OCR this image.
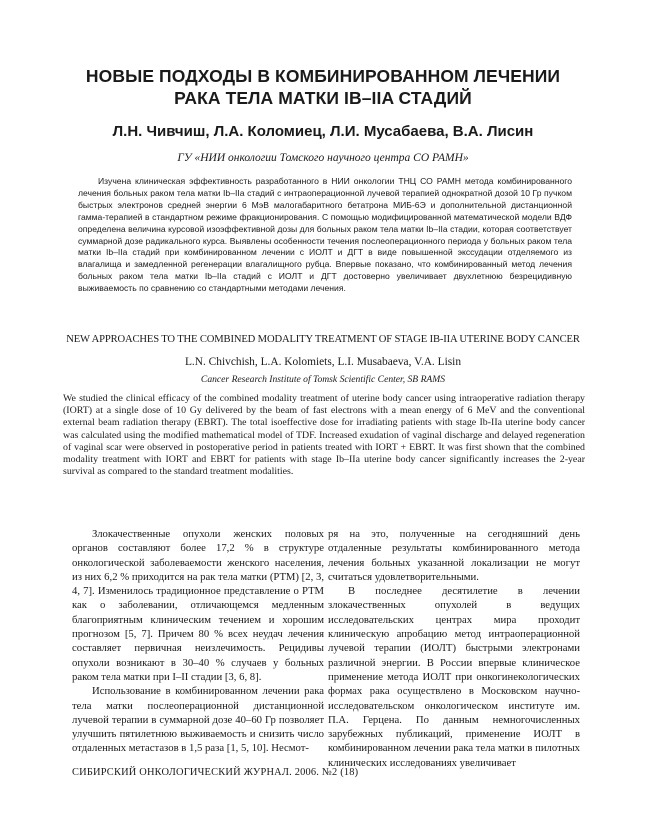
НОВЫЕ ПОДХОДЫ В КОМБИНИРОВАННОМ ЛЕЧЕНИИ РАКА ТЕЛА МАТКИ IB–IIA СТАДИЙ
Л.Н. Чивчиш, Л.А. Коломиец, Л.И. Мусабаева, В.А. Лисин
ГУ «НИИ онкологии Томского научного центра СО РАМН»

Изучена клиническая эффективность разработанного в НИИ онкологии ТНЦ СО РАМН метода комбинированного лечения больных раком тела матки Ib–IIa стадий с интраоперационной лучевой терапией однократной дозой 10 Гр пучком быстрых электронов средней энергии 6 МэВ малогабаритного бетатрона МИБ-6Э и дополнительной дистанционной гамма-терапией в стандартном режиме фракционирования. С помощью модифицированной математической модели ВДФ определена величина курсовой изоэффективной дозы для больных раком тела матки Ib–IIa стадии, которая соответствует суммарной дозе радикального курса. Выявлены особенности течения послеоперационного периода у больных раком тела матки Ib–IIa стадий при комбинированном лечении с ИОЛТ и ДГТ в виде повышенной экссудации отделяемого из влагалища и замедленной регенерации влагалищного рубца. Впервые показано, что комбинированный метод лечения больных раком тела матки Ib–IIa стадий с ИОЛТ и ДГТ достоверно увеличивает двухлетнюю безрецидивную выживаемость по сравнению со стандартными методами лечения.

NEW APPROACHES TO THE COMBINED MODALITY TREATMENT OF STAGE IB-IIA UTERINE BODY CANCER
L.N. Chivchish, L.A. Kolomiets, L.I. Musabaeva, V.A. Lisin
Cancer Research Institute of Tomsk Scientific Center, SB RAMS

We studied the clinical efficacy of the combined modality treatment of uterine body cancer using intraoperative radiation therapy (IORT) at a single dose of 10 Gy delivered by the beam of fast electrons with a mean energy of 6 MeV and the conventional external beam radiation therapy (EBRT). The total isoeffective dose for irradiating patients with stage Ib-IIa uterine body cancer was calculated using the modified mathematical model of TDF. Increased exudation of vaginal discharge and delayed regeneration of vaginal scar were observed in postoperative period in patients treated with IORT + EBRT. It was first shown that the combined modality treatment with IORT and EBRT for patients with stage Ib–IIa uterine body cancer significantly increases the 2-year survival as compared to the standard treatment modalities.

Злокачественные опухоли женских половых органов составляют более 17,2 % в структуре онкологической заболеваемости женского населения, из них 6,2 % приходится на рак тела матки (РТМ) [2, 3, 4, 7]. Изменилось традиционное представление о РТМ как о заболевании, отличающемся медленным благоприятным клиническим течением и хорошим прогнозом [5, 7]. Причем 80 % всех неудач лечения составляет первичная неизлечимость. Рецидивы опухоли возникают в 30–40 % случаев у больных раком тела матки при I–II стадии [3, 6, 8].

Использование в комбинированном лечении рака тела матки послеоперационной дистанционной лучевой терапии в суммарной дозе 40–60 Гр позволяет улучшить пятилетнюю выживаемость и снизить число отдаленных метастазов в 1,5 раза [1, 5, 10]. Несмот-

ря на это, полученные на сегодняшний день отдаленные результаты комбинированного метода лечения больных указанной локализации не могут считаться удовлетворительными.

В последнее десятилетие в лечении злокачественных опухолей в ведущих исследовательских центрах мира проходит клиническую апробацию метод интраоперационной лучевой терапии (ИОЛТ) быстрыми электронами различной энергии. В России впервые клиническое применение метода ИОЛТ при онкогинекологических формах рака осуществлено в Московском научно-исследовательском онкологическом институте им. П.А. Герцена. По данным немногочисленных зарубежных публикаций, применение ИОЛТ в комбинированном лечении рака тела матки в пилотных клинических исследованиях увеличивает

СИБИРСКИЙ ОНКОЛОГИЧЕСКИЙ ЖУРНАЛ. 2006. №2 (18)
